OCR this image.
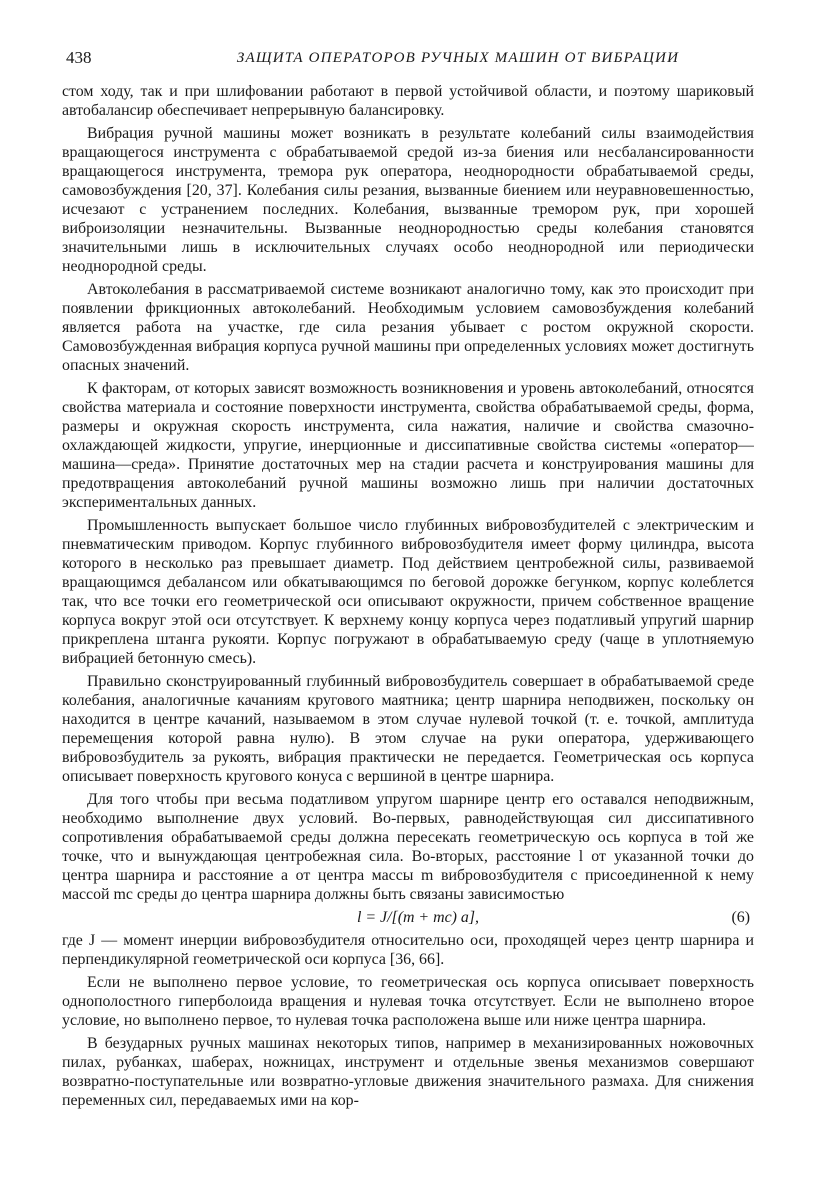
438	ЗАЩИТА ОПЕРАТОРОВ РУЧНЫХ МАШИН ОТ ВИБРАЦИИ

стом ходу, так и при шлифовании работают в первой устойчивой области, и поэтому шариковый автобалансир обеспечивает непрерывную балансировку.

Вибрация ручной машины может возникать в результате колебаний силы взаимодействия вращающегося инструмента с обрабатываемой средой из-за биения или несбалансированности вращающегося инструмента, тремора рук оператора, неоднородности обрабатываемой среды, самовозбуждения [20, 37]. Колебания силы резания, вызванные биением или неуравновешенностью, исчезают с устранением последних. Колебания, вызванные тремором рук, при хорошей виброизоляции незначительны. Вызванные неоднородностью среды колебания становятся значительными лишь в исключительных случаях особо неоднородной или периодически неоднородной среды.

Автоколебания в рассматриваемой системе возникают аналогично тому, как это происходит при появлении фрикционных автоколебаний. Необходимым условием самовозбуждения колебаний является работа на участке, где сила резания убывает с ростом окружной скорости. Самовозбужденная вибрация корпуса ручной машины при определенных условиях может достигнуть опасных значений.

К факторам, от которых зависят возможность возникновения и уровень автоколебаний, относятся свойства материала и состояние поверхности инструмента, свойства обрабатываемой среды, форма, размеры и окружная скорость инструмента, сила нажатия, наличие и свойства смазочно-охлаждающей жидкости, упругие, инерционные и диссипативные свойства системы «оператор—машина—среда». Принятие достаточных мер на стадии расчета и конструирования машины для предотвращения автоколебаний ручной машины возможно лишь при наличии достаточных экспериментальных данных.

Промышленность выпускает большое число глубинных вибровозбудителей с электрическим и пневматическим приводом. Корпус глубинного вибровозбудителя имеет форму цилиндра, высота которого в несколько раз превышает диаметр. Под действием центробежной силы, развиваемой вращающимся дебалансом или обкатывающимся по беговой дорожке бегунком, корпус колеблется так, что все точки его геометрической оси описывают окружности, причем собственное вращение корпуса вокруг этой оси отсутствует. К верхнему концу корпуса через податливый упругий шарнир прикреплена штанга рукояти. Корпус погружают в обрабатываемую среду (чаще в уплотняемую вибрацией бетонную смесь).

Правильно сконструированный глубинный вибровозбудитель совершает в обрабатываемой среде колебания, аналогичные качаниям кругового маятника; центр шарнира неподвижен, поскольку он находится в центре качаний, называемом в этом случае нулевой точкой (т. е. точкой, амплитуда перемещения которой равна нулю). В этом случае на руки оператора, удерживающего вибровозбудитель за рукоять, вибрация практически не передается. Геометрическая ось корпуса описывает поверхность кругового конуса с вершиной в центре шарнира.

Для того чтобы при весьма податливом упругом шарнире центр его оставался неподвижным, необходимо выполнение двух условий. Во-первых, равнодействующая сил диссипативного сопротивления обрабатываемой среды должна пересекать геометрическую ось корпуса в той же точке, что и вынуждающая центробежная сила. Во-вторых, расстояние l от указанной точки до центра шарнира и расстояние a от центра массы m вибровозбудителя с присоединенной к нему массой mс среды до центра шарнира должны быть связаны зависимостью

l = J/[(m + mс) a],	(6)

где J — момент инерции вибровозбудителя относительно оси, проходящей через центр шарнира и перпендикулярной геометрической оси корпуса [36, 66].

Если не выполнено первое условие, то геометрическая ось корпуса описывает поверхность однополостного гиперболоида вращения и нулевая точка отсутствует. Если не выполнено второе условие, но выполнено первое, то нулевая точка расположена выше или ниже центра шарнира.

В безударных ручных машинах некоторых типов, например в механизированных ножовочных пилах, рубанках, шаберах, ножницах, инструмент и отдельные звенья механизмов совершают возвратно-поступательные или возвратно-угловые движения значительного размаха. Для снижения переменных сил, передаваемых ими на кор-
